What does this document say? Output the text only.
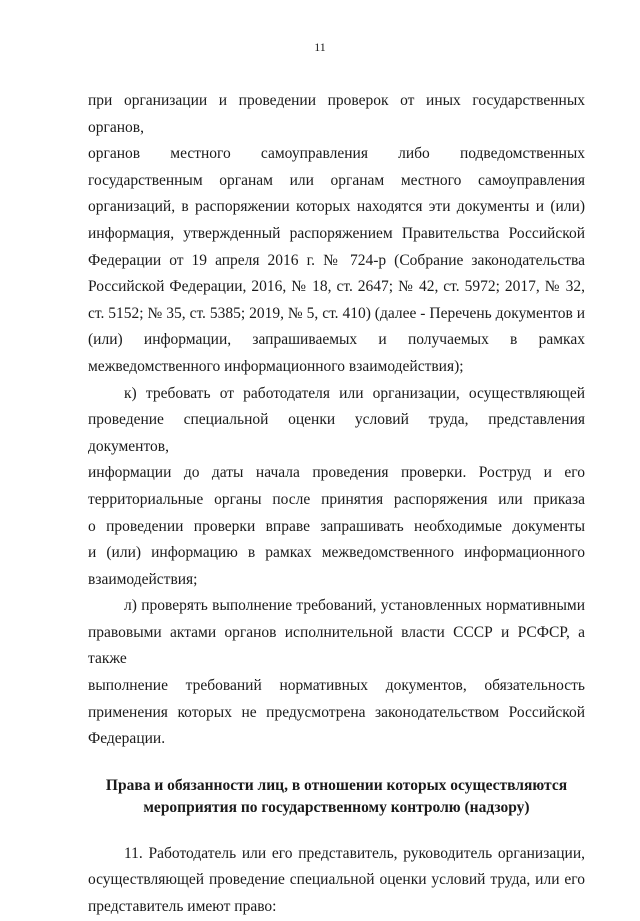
11

при организации и проведении проверок от иных государственных органов,
органов местного самоуправления либо подведомственных
государственным органам или органам местного самоуправления
организаций, в распоряжении которых находятся эти документы и (или)
информация, утвержденный распоряжением Правительства Российской
Федерации от 19 апреля 2016 г. № 724-р (Собрание законодательства
Российской Федерации, 2016, № 18, ст. 2647; № 42, ст. 5972; 2017, № 32,
ст. 5152; № 35, ст. 5385; 2019, № 5, ст. 410) (далее - Перечень документов и
(или) информации, запрашиваемых и получаемых в рамках
межведомственного информационного взаимодействия);

к) требовать от работодателя или организации, осуществляющей
проведение специальной оценки условий труда, представления документов,
информации до даты начала проведения проверки. Роструд и его
территориальные органы после принятия распоряжения или приказа
о проведении проверки вправе запрашивать необходимые документы
и (или) информацию в рамках межведомственного информационного
взаимодействия;

л) проверять выполнение требований, установленных нормативными
правовыми актами органов исполнительной власти СССР и РСФСР, а также
выполнение требований нормативных документов, обязательность
применения которых не предусмотрена законодательством Российской
Федерации.

Права и обязанности лиц, в отношении которых осуществляются
мероприятия по государственному контролю (надзору)

11. Работодатель или его представитель, руководитель организации,
осуществляющей проведение специальной оценки условий труда, или его
представитель имеют право:
